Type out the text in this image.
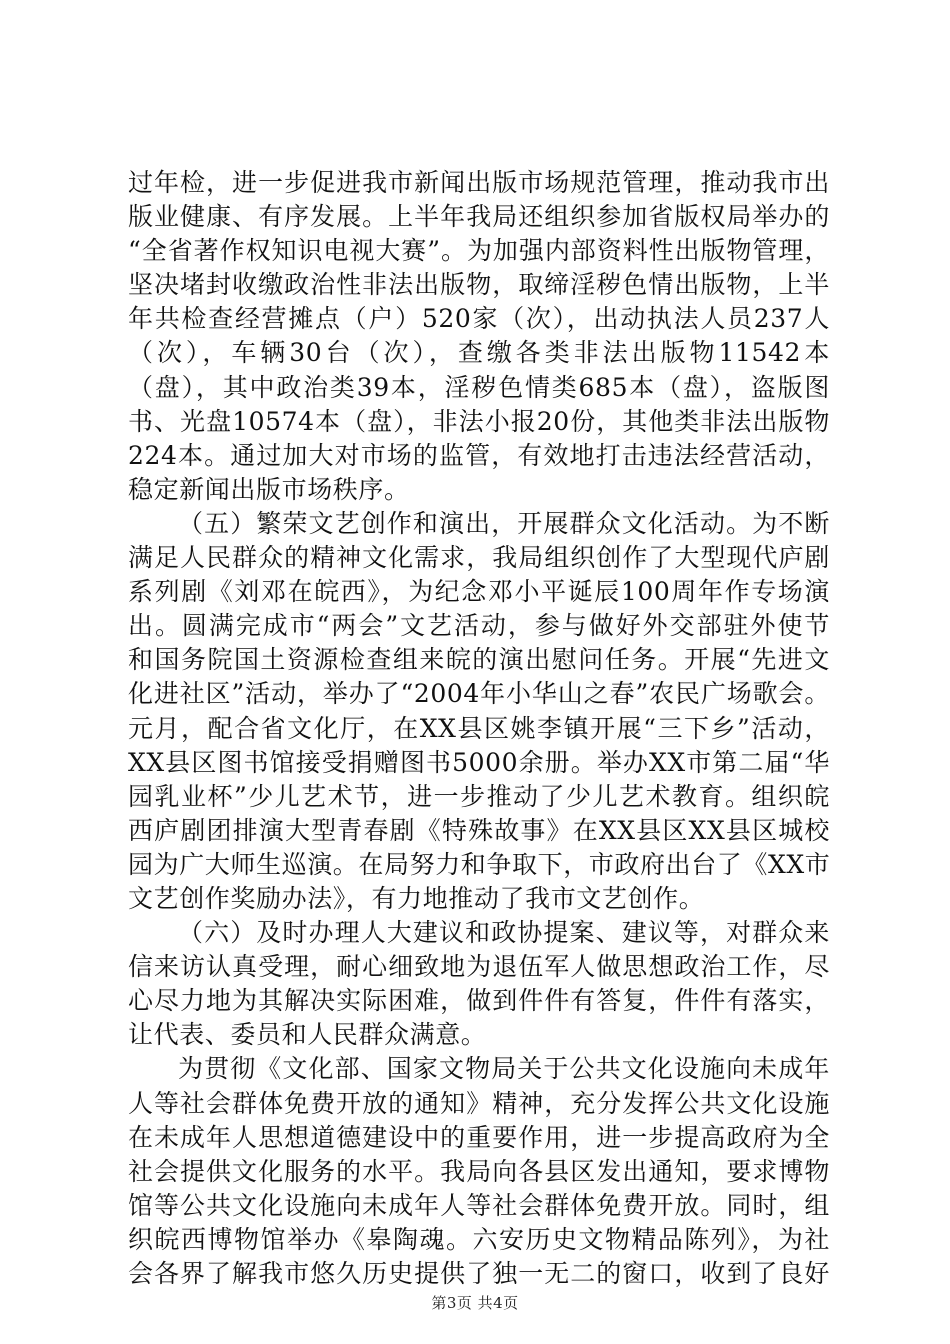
过年检，进一步促进我市新闻出版市场规范管理，推动我市出
版业健康、有序发展。上半年我局还组织参加省版权局举办的
“全省著作权知识电视大赛”。为加强内部资料性出版物管理，
坚决堵封收缴政治性非法出版物，取缔淫秽色情出版物，上半
年共检查经营摊点（户）520家（次），出动执法人员237人
（次），车辆30台（次），查缴各类非法出版物11542本
（盘），其中政治类39本，淫秽色情类685本（盘），盗版图
书、光盘10574本（盘），非法小报20份，其他类非法出版物
224本。通过加大对市场的监管，有效地打击违法经营活动，
稳定新闻出版市场秩序。
（五）繁荣文艺创作和演出，开展群众文化活动。为不断
满足人民群众的精神文化需求，我局组织创作了大型现代庐剧
系列剧《刘邓在皖西》，为纪念邓小平诞辰100周年作专场演
出。圆满完成市“两会”文艺活动，参与做好外交部驻外使节
和国务院国土资源检查组来皖的演出慰问任务。开展“先进文
化进社区”活动，举办了“2004年小华山之春”农民广场歌会。
元月，配合省文化厅，在XX县区姚李镇开展“三下乡”活动，
XX县区图书馆接受捐赠图书5000余册。举办XX市第二届“华
园乳业杯”少儿艺术节，进一步推动了少儿艺术教育。组织皖
西庐剧团排演大型青春剧《特殊故事》在XX县区XX县区城校
园为广大师生巡演。在局努力和争取下，市政府出台了《XX市
文艺创作奖励办法》，有力地推动了我市文艺创作。
（六）及时办理人大建议和政协提案、建议等，对群众来
信来访认真受理，耐心细致地为退伍军人做思想政治工作，尽
心尽力地为其解决实际困难，做到件件有答复，件件有落实，
让代表、委员和人民群众满意。
为贯彻《文化部、国家文物局关于公共文化设施向未成年
人等社会群体免费开放的通知》精神，充分发挥公共文化设施
在未成年人思想道德建设中的重要作用，进一步提高政府为全
社会提供文化服务的水平。我局向各县区发出通知，要求博物
馆等公共文化设施向未成年人等社会群体免费开放。同时，组
织皖西博物馆举办《皋陶魂。六安历史文物精品陈列》，为社
会各界了解我市悠久历史提供了独一无二的窗口，收到了良好
第3页 共4页
